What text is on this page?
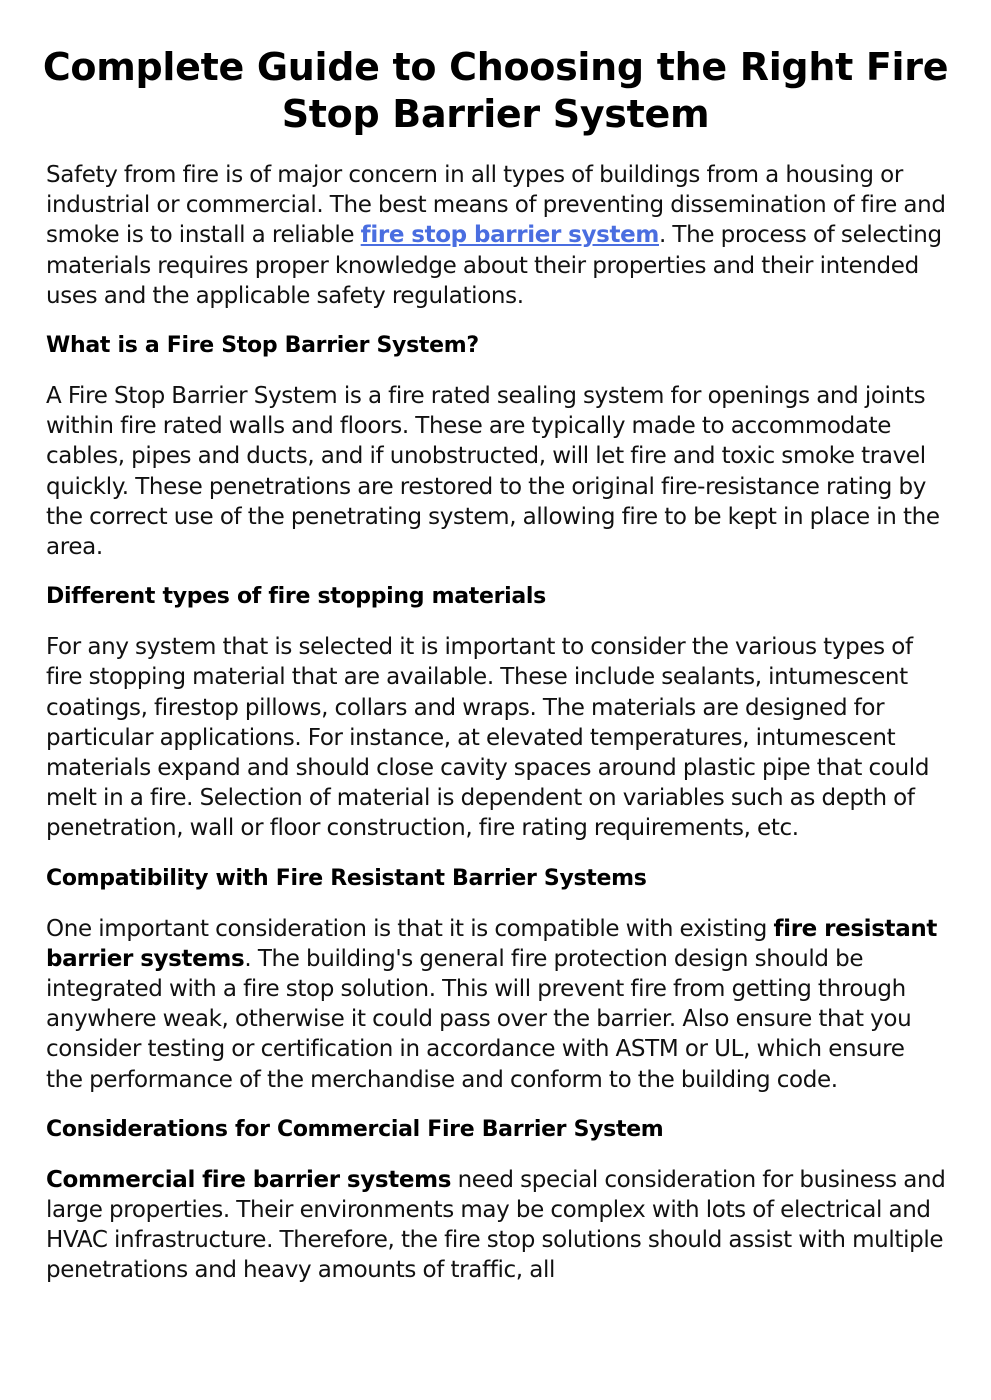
Complete Guide to Choosing the Right Fire Stop Barrier System

Safety from fire is of major concern in all types of buildings from a housing or industrial or commercial. The best means of preventing dissemination of fire and smoke is to install a reliable fire stop barrier system. The process of selecting materials requires proper knowledge about their properties and their intended uses and the applicable safety regulations.

What is a Fire Stop Barrier System?

A Fire Stop Barrier System is a fire rated sealing system for openings and joints within fire rated walls and floors. These are typically made to accommodate cables, pipes and ducts, and if unobstructed, will let fire and toxic smoke travel quickly. These penetrations are restored to the original fire-resistance rating by the correct use of the penetrating system, allowing fire to be kept in place in the area.

Different types of fire stopping materials

For any system that is selected it is important to consider the various types of fire stopping material that are available. These include sealants, intumescent coatings, firestop pillows, collars and wraps. The materials are designed for particular applications. For instance, at elevated temperatures, intumescent materials expand and should close cavity spaces around plastic pipe that could melt in a fire. Selection of material is dependent on variables such as depth of penetration, wall or floor construction, fire rating requirements, etc.

Compatibility with Fire Resistant Barrier Systems

One important consideration is that it is compatible with existing fire resistant barrier systems. The building's general fire protection design should be integrated with a fire stop solution. This will prevent fire from getting through anywhere weak, otherwise it could pass over the barrier. Also ensure that you consider testing or certification in accordance with ASTM or UL, which ensure the performance of the merchandise and conform to the building code.

Considerations for Commercial Fire Barrier System

Commercial fire barrier systems need special consideration for business and large properties. Their environments may be complex with lots of electrical and HVAC infrastructure. Therefore, the fire stop solutions should assist with multiple penetrations and heavy amounts of traffic, all
